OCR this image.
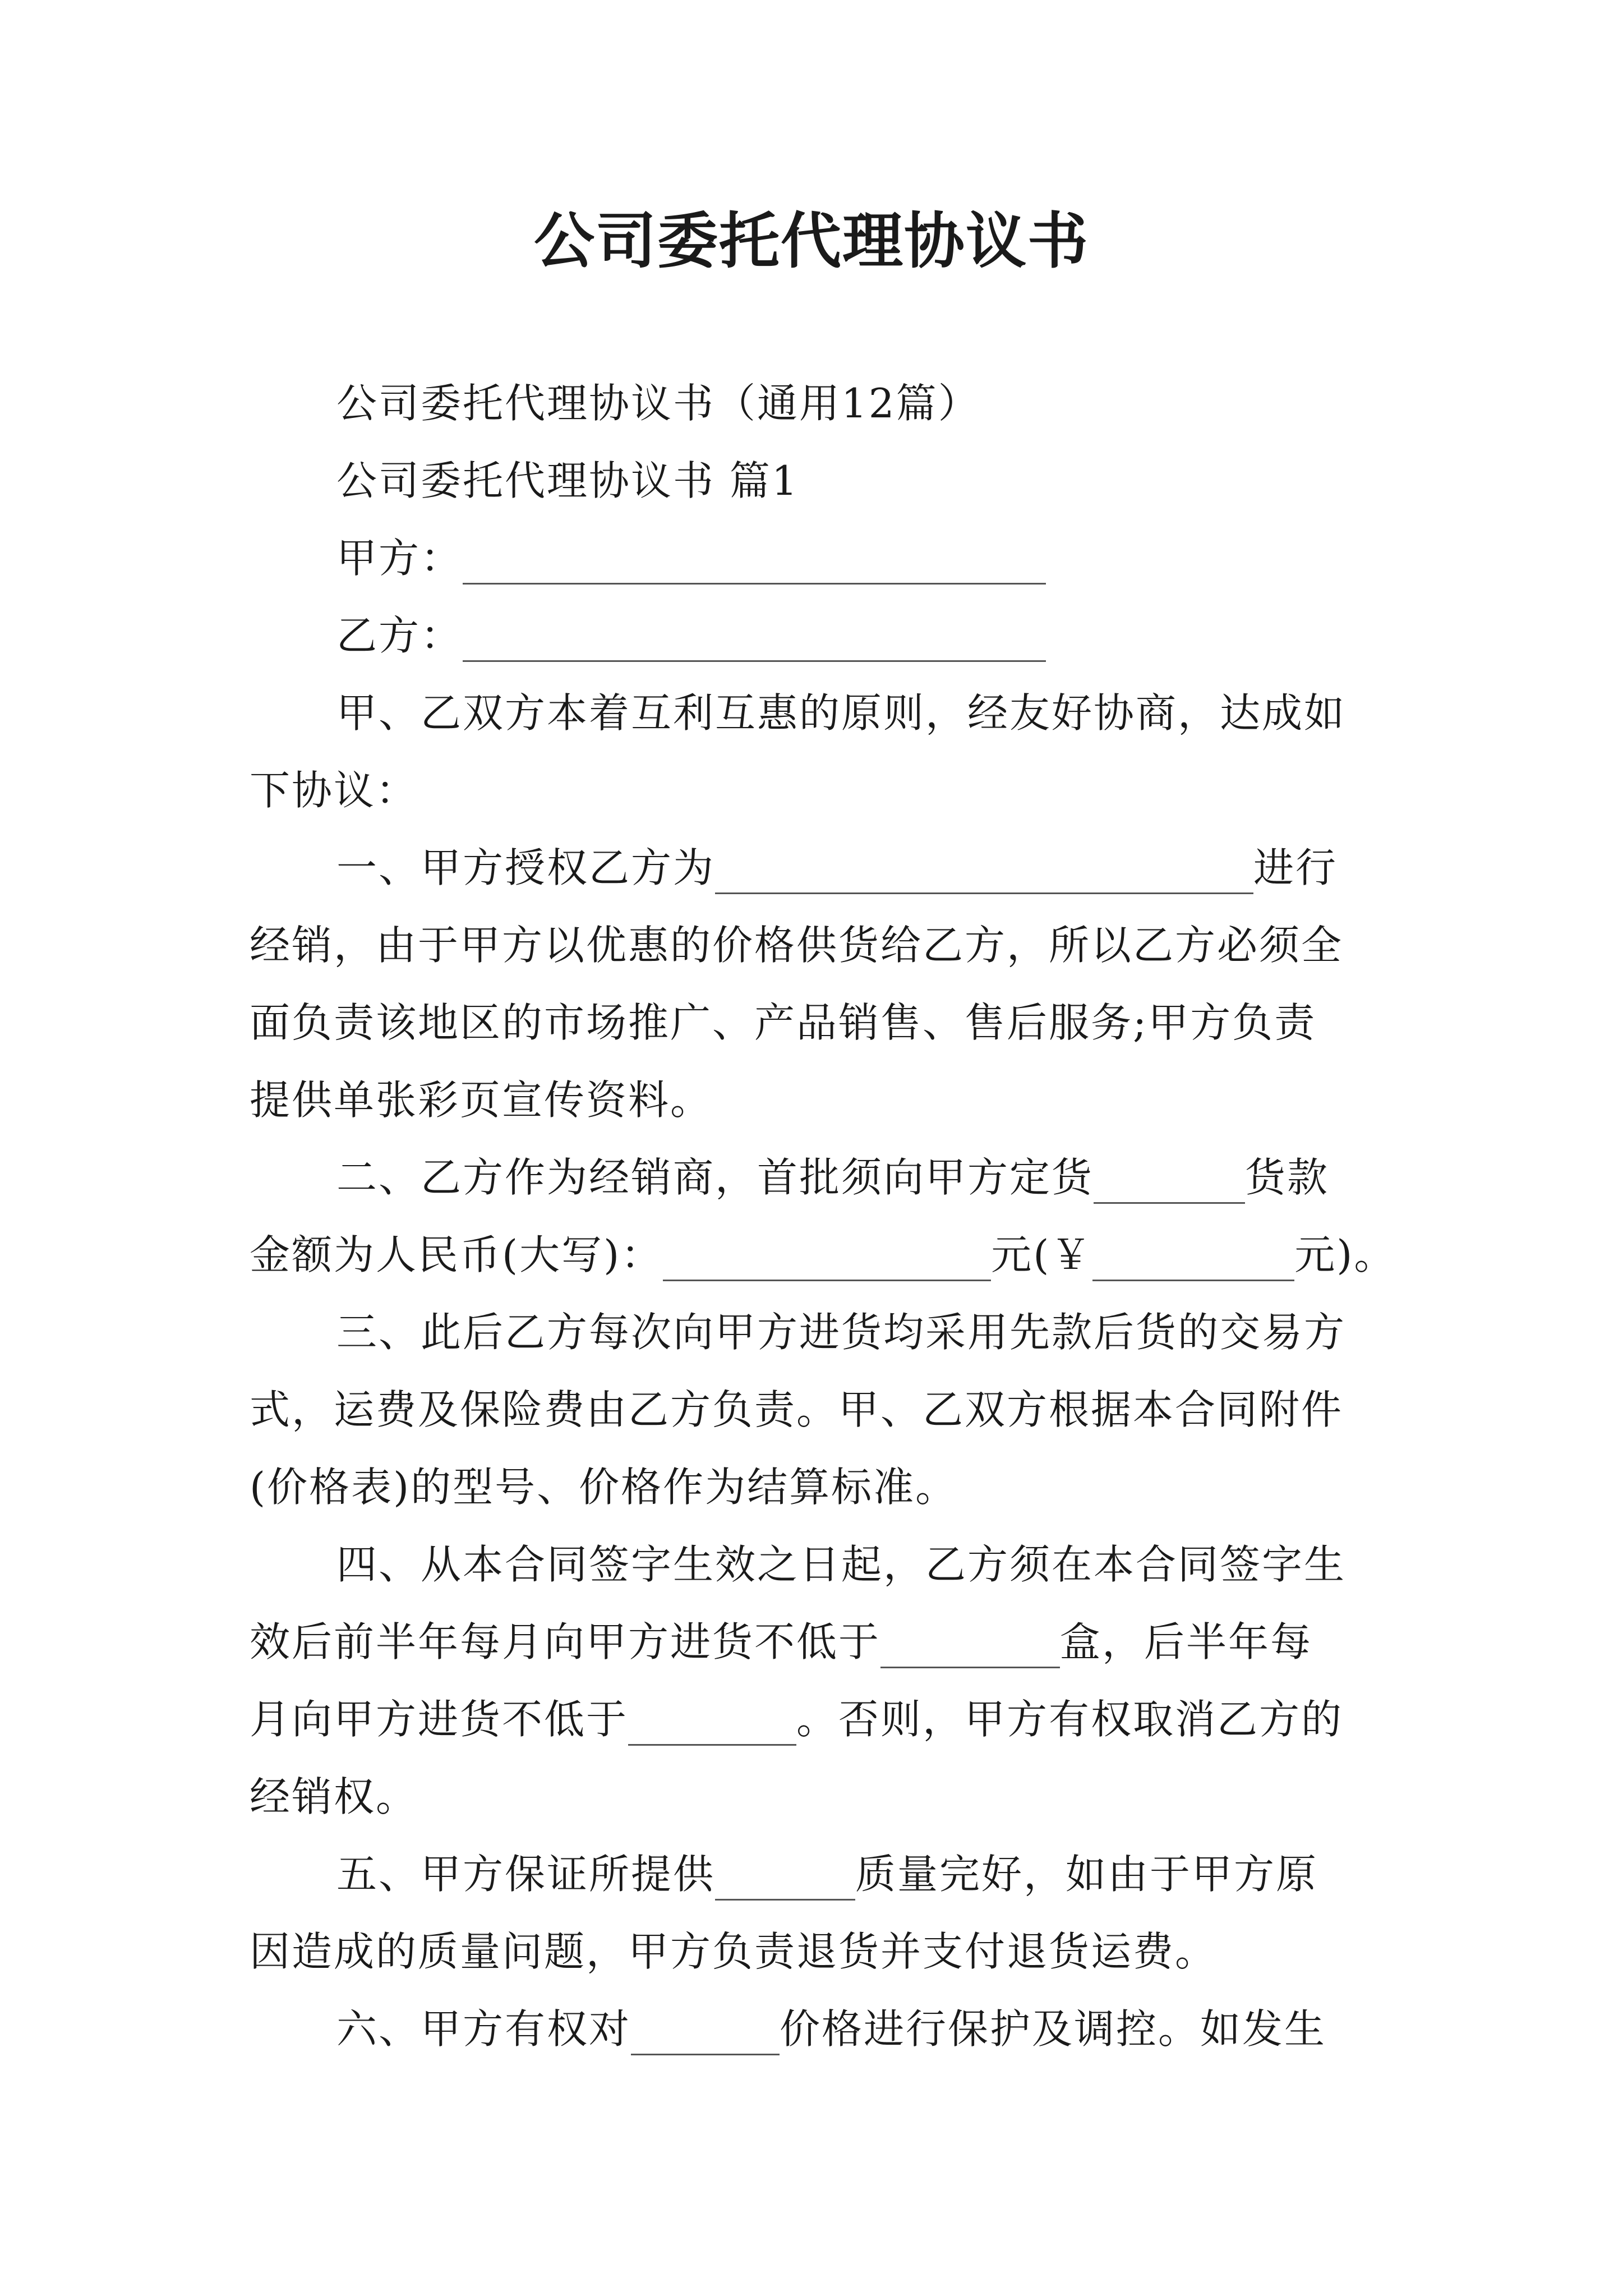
公司委托代理协议书

公司委托代理协议书（通用12篇）

公司委托代理协议书 篇1

甲方：

乙方：

甲、乙双方本着互利互惠的原则，经友好协商，达成如

下协议：

一、甲方授权乙方为	进行

经销，由于甲方以优惠的价格供货给乙方，所以乙方必须全

面负责该地区的市场推广、产品销售、售后服务;甲方负责

提供单张彩页宣传资料。

二、乙方作为经销商，首批须向甲方定货	货款

金额为人民币(大写)：	元(￥	元)。

三、此后乙方每次向甲方进货均采用先款后货的交易方

式，运费及保险费由乙方负责。甲、乙双方根据本合同附件

(价格表)的型号、价格作为结算标准。

四、从本合同签字生效之日起，乙方须在本合同签字生

效后前半年每月向甲方进货不低于	盒，后半年每

月向甲方进货不低于	。否则，甲方有权取消乙方的

经销权。

五、甲方保证所提供	质量完好，如由于甲方原

因造成的质量问题，甲方负责退货并支付退货运费。

六、甲方有权对	价格进行保护及调控。如发生
